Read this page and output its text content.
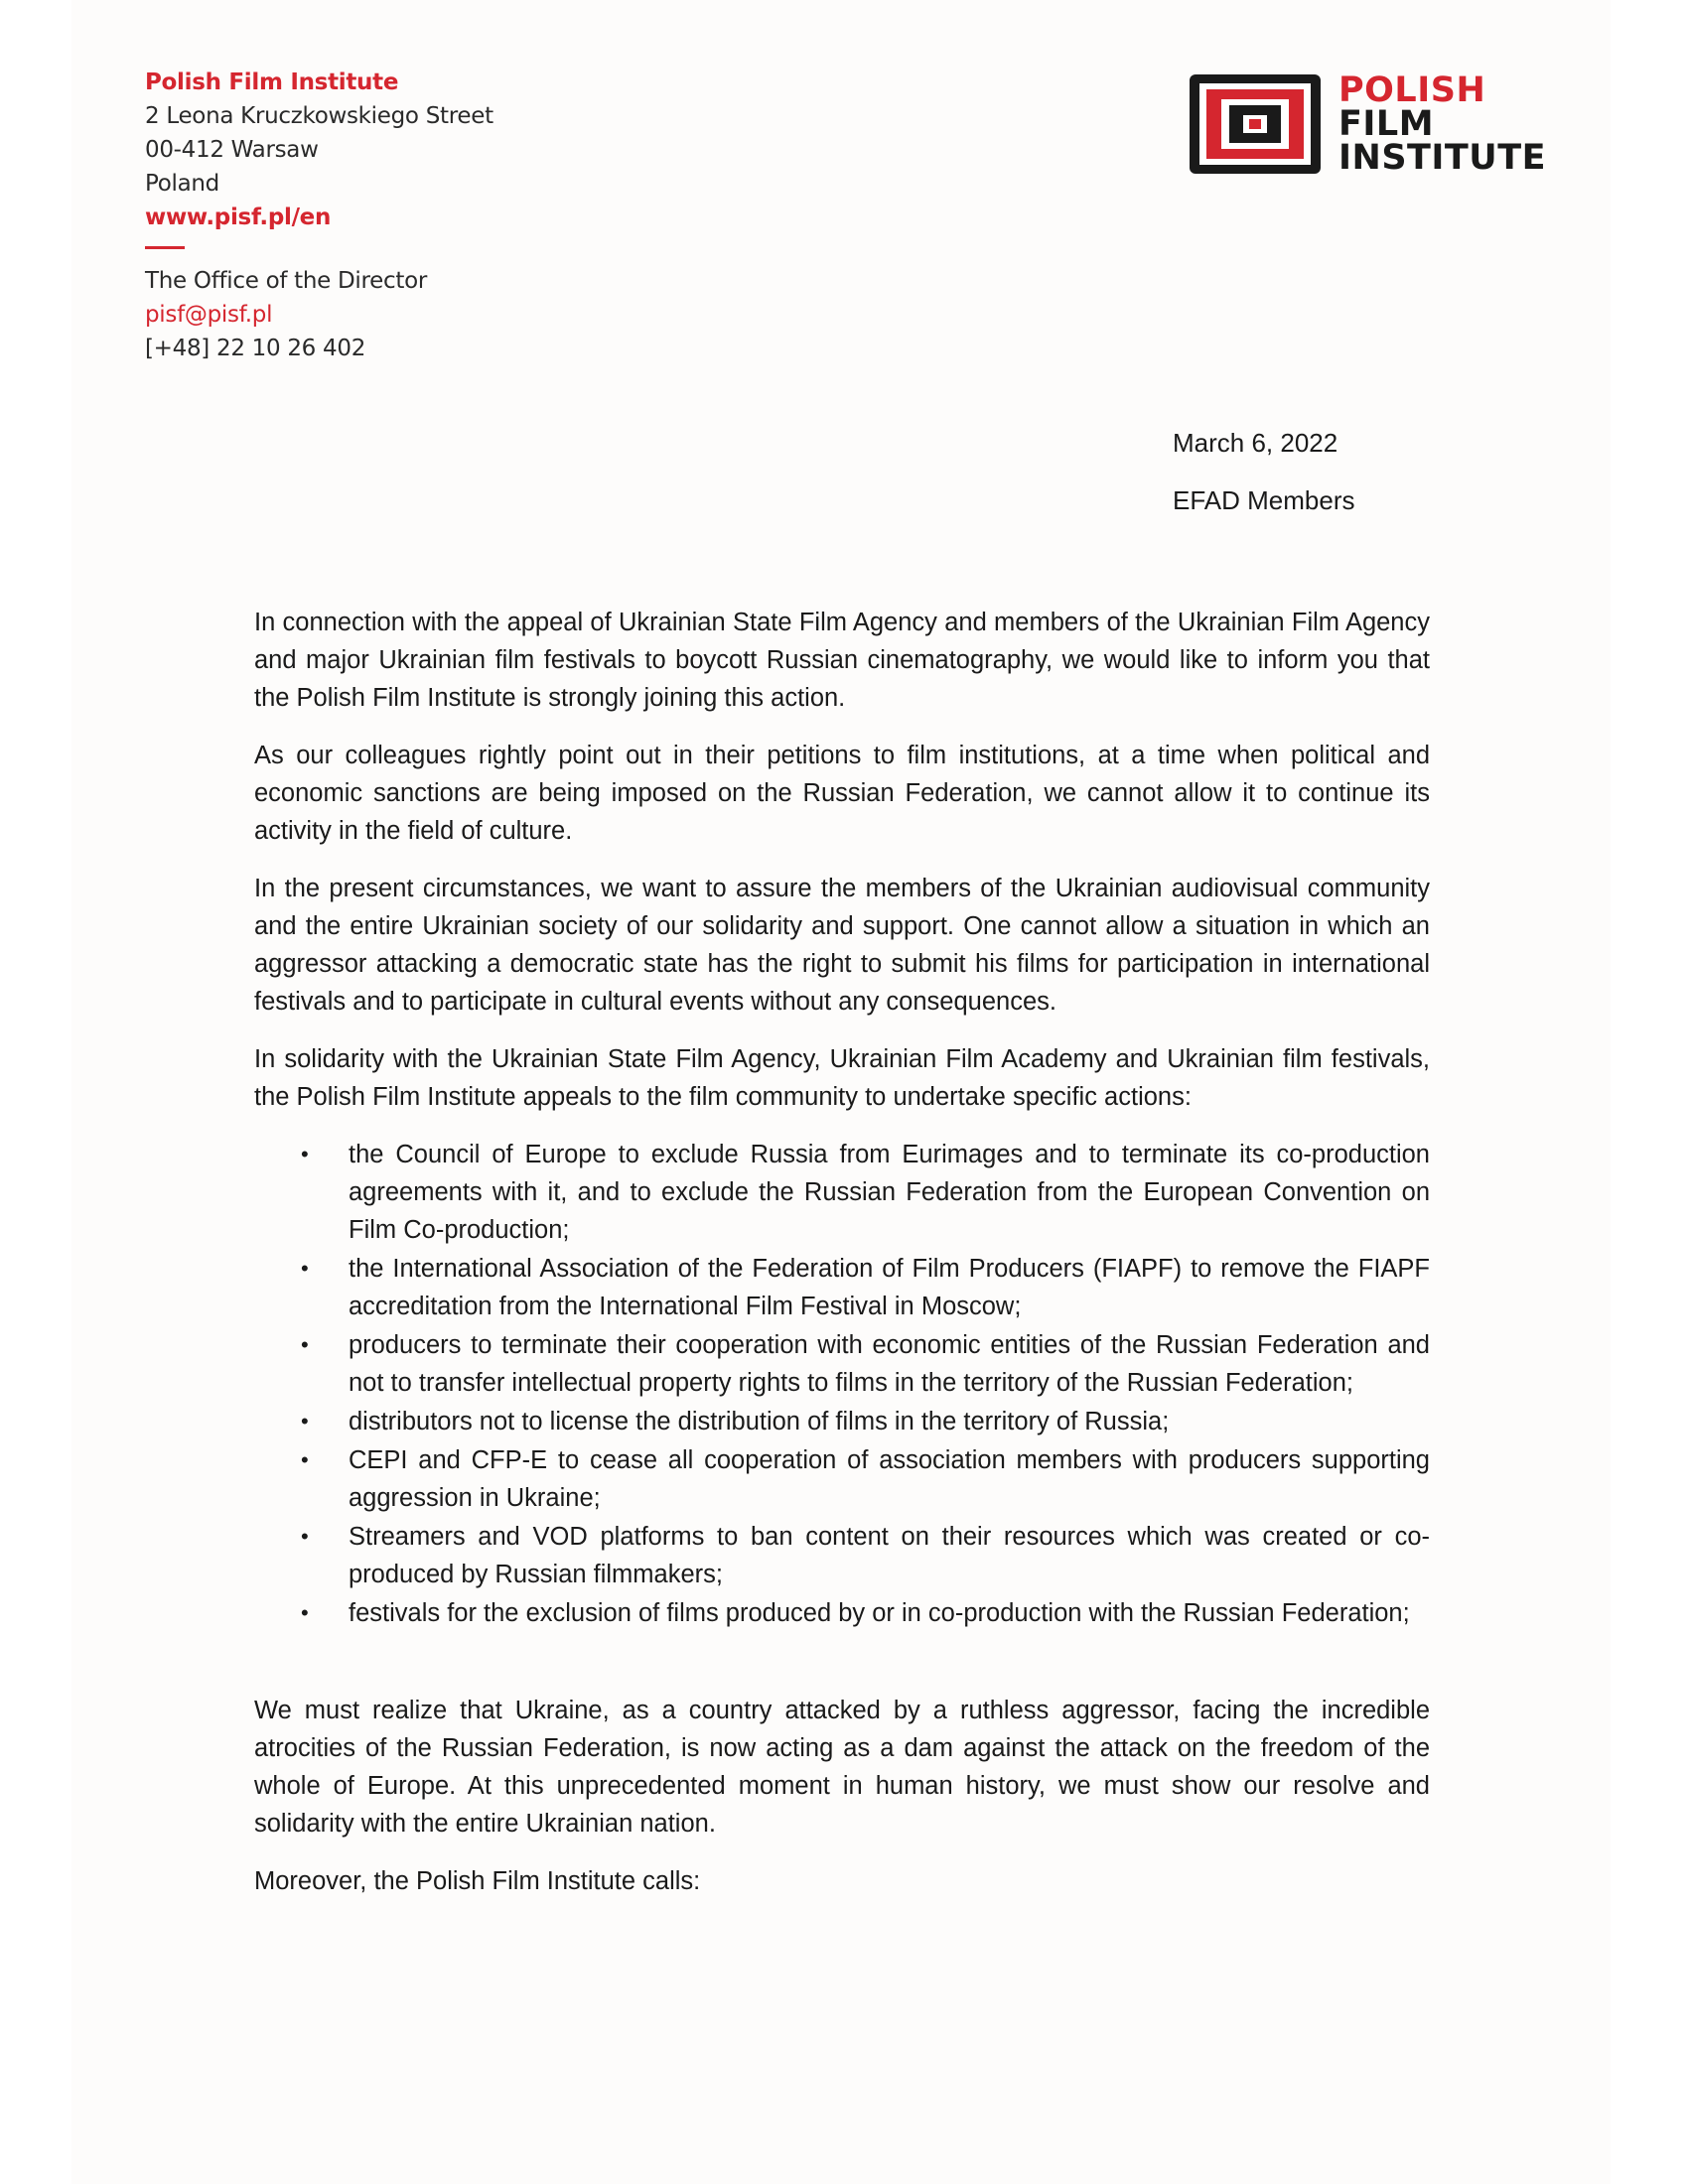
Polish Film Institute
2 Leona Kruczkowskiego Street
00-412 Warsaw
Poland
www.pisf.pl/en
The Office of the Director
pisf@pisf.pl
[+48] 22 10 26 402
POLISH
FILM
INSTITUTE
March 6, 2022
EFAD Members

In connection with the appeal of Ukrainian State Film Agency and members of the Ukrainian Film Agency and major Ukrainian film festivals to boycott Russian cinematography, we would like to inform you that the Polish Film Institute is strongly joining this action.

As our colleagues rightly point out in their petitions to film institutions, at a time when political and economic sanctions are being imposed on the Russian Federation, we cannot allow it to continue its activity in the field of culture.

In the present circumstances, we want to assure the members of the Ukrainian audiovisual community and the entire Ukrainian society of our solidarity and support. One cannot allow a situation in which an aggressor attacking a democratic state has the right to submit his films for participation in international festivals and to participate in cultural events without any consequences.

In solidarity with the Ukrainian State Film Agency, Ukrainian Film Academy and Ukrainian film festivals, the Polish Film Institute appeals to the film community to undertake specific actions:

• the Council of Europe to exclude Russia from Eurimages and to terminate its co-production agreements with it, and to exclude the Russian Federation from the European Convention on Film Co-production;
• the International Association of the Federation of Film Producers (FIAPF) to remove the FIAPF accreditation from the International Film Festival in Moscow;
• producers to terminate their cooperation with economic entities of the Russian Federation and not to transfer intellectual property rights to films in the territory of the Russian Federation;
• distributors not to license the distribution of films in the territory of Russia;
• CEPI and CFP-E to cease all cooperation of association members with producers supporting aggression in Ukraine;
• Streamers and VOD platforms to ban content on their resources which was created or co-produced by Russian filmmakers;
• festivals for the exclusion of films produced by or in co-production with the Russian Federation;

We must realize that Ukraine, as a country attacked by a ruthless aggressor, facing the incredible atrocities of the Russian Federation, is now acting as a dam against the attack on the freedom of the whole of Europe. At this unprecedented moment in human history, we must show our resolve and solidarity with the entire Ukrainian nation.

Moreover, the Polish Film Institute calls:
